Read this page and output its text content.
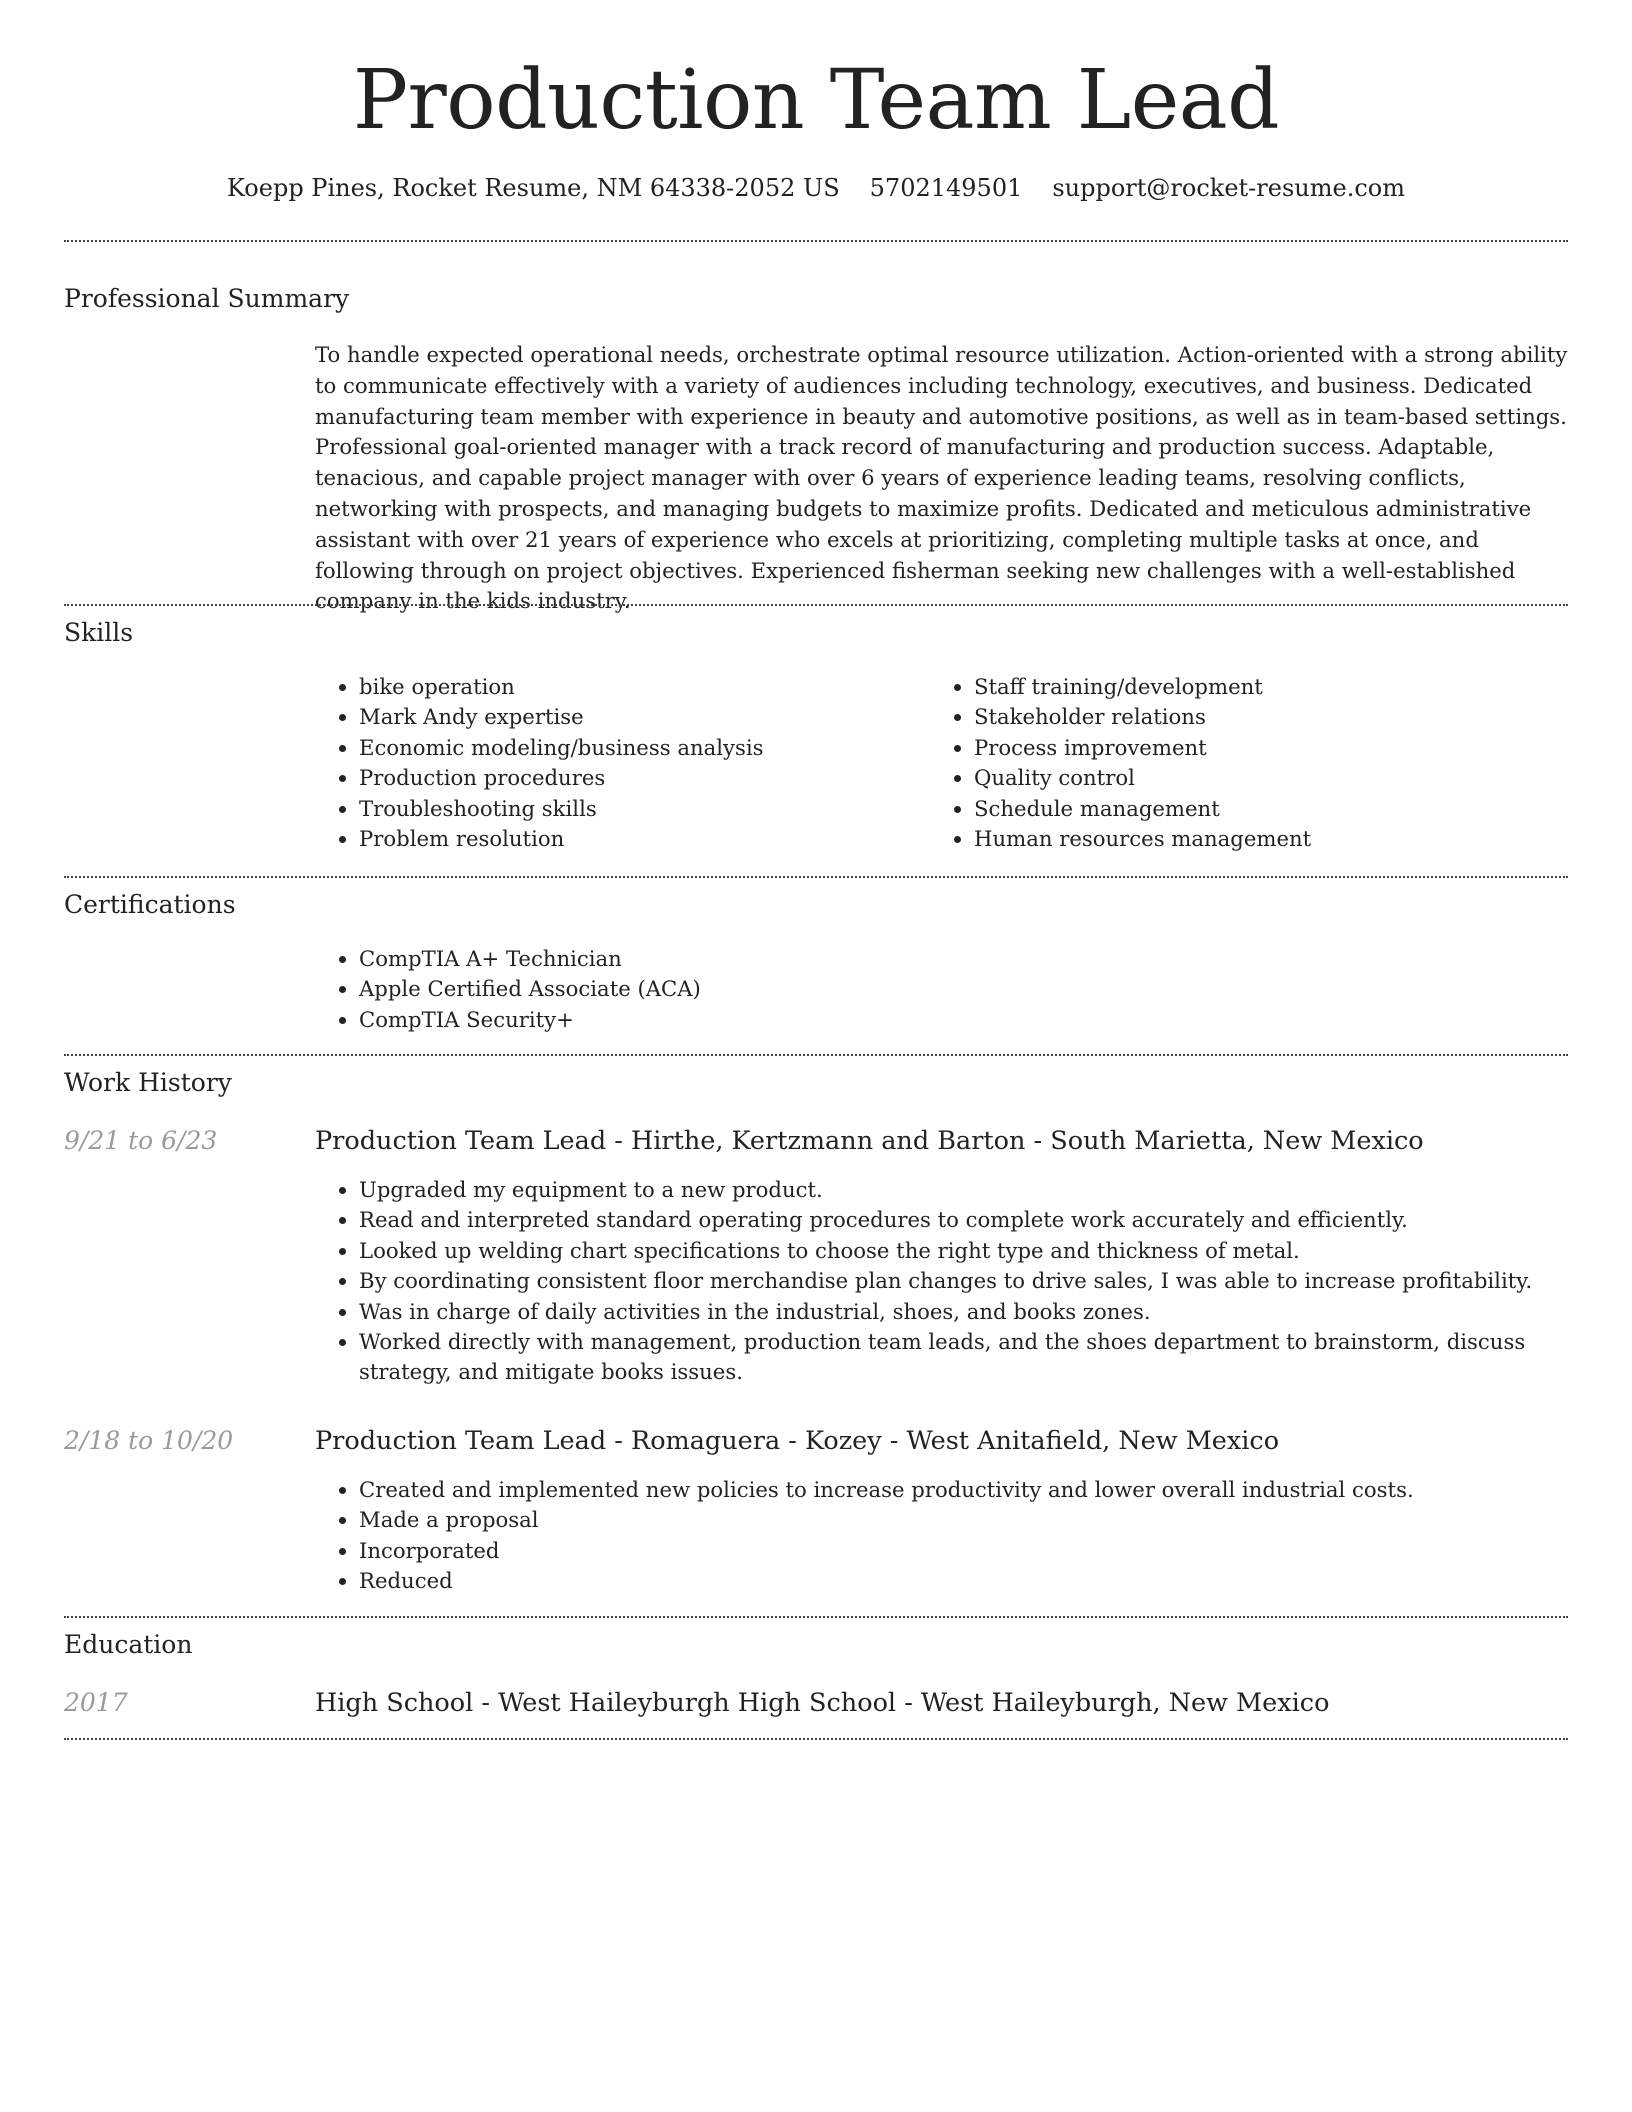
Production Team Lead
Koepp Pines, Rocket Resume, NM 64338-2052 US 5702149501 support@rocket-resume.com
Professional Summary

To handle expected operational needs, orchestrate optimal resource utilization. Action-oriented with a strong ability to communicate effectively with a variety of audiences including technology, executives, and business. Dedicated manufacturing team member with experience in beauty and automotive positions, as well as in team-based settings. Professional goal-oriented manager with a track record of manufacturing and production success. Adaptable, tenacious, and capable project manager with over 6 years of experience leading teams, resolving conflicts, networking with prospects, and managing budgets to maximize profits. Dedicated and meticulous administrative assistant with over 21 years of experience who excels at prioritizing, completing multiple tasks at once, and following through on project objectives. Experienced fisherman seeking new challenges with a well-established company in the kids industry.

Skills
• bike operation
• Mark Andy expertise
• Economic modeling/business analysis
• Production procedures
• Troubleshooting skills
• Problem resolution
• Staff training/development
• Stakeholder relations
• Process improvement
• Quality control
• Schedule management
• Human resources management
Certifications
• CompTIA A+ Technician
• Apple Certified Associate (ACA)
• CompTIA Security+
Work History
9/21 to 6/23	Production Team Lead - Hirthe, Kertzmann and Barton - South Marietta, New Mexico
• Upgraded my equipment to a new product.
• Read and interpreted standard operating procedures to complete work accurately and efficiently.
• Looked up welding chart specifications to choose the right type and thickness of metal.
• By coordinating consistent floor merchandise plan changes to drive sales, I was able to increase profitability.
• Was in charge of daily activities in the industrial, shoes, and books zones.
• Worked directly with management, production team leads, and the shoes department to brainstorm, discuss strategy, and mitigate books issues.
2/18 to 10/20	Production Team Lead - Romaguera - Kozey - West Anitafield, New Mexico
• Created and implemented new policies to increase productivity and lower overall industrial costs.
• Made a proposal
• Incorporated
• Reduced
Education
2017	High School - West Haileyburgh High School - West Haileyburgh, New Mexico
